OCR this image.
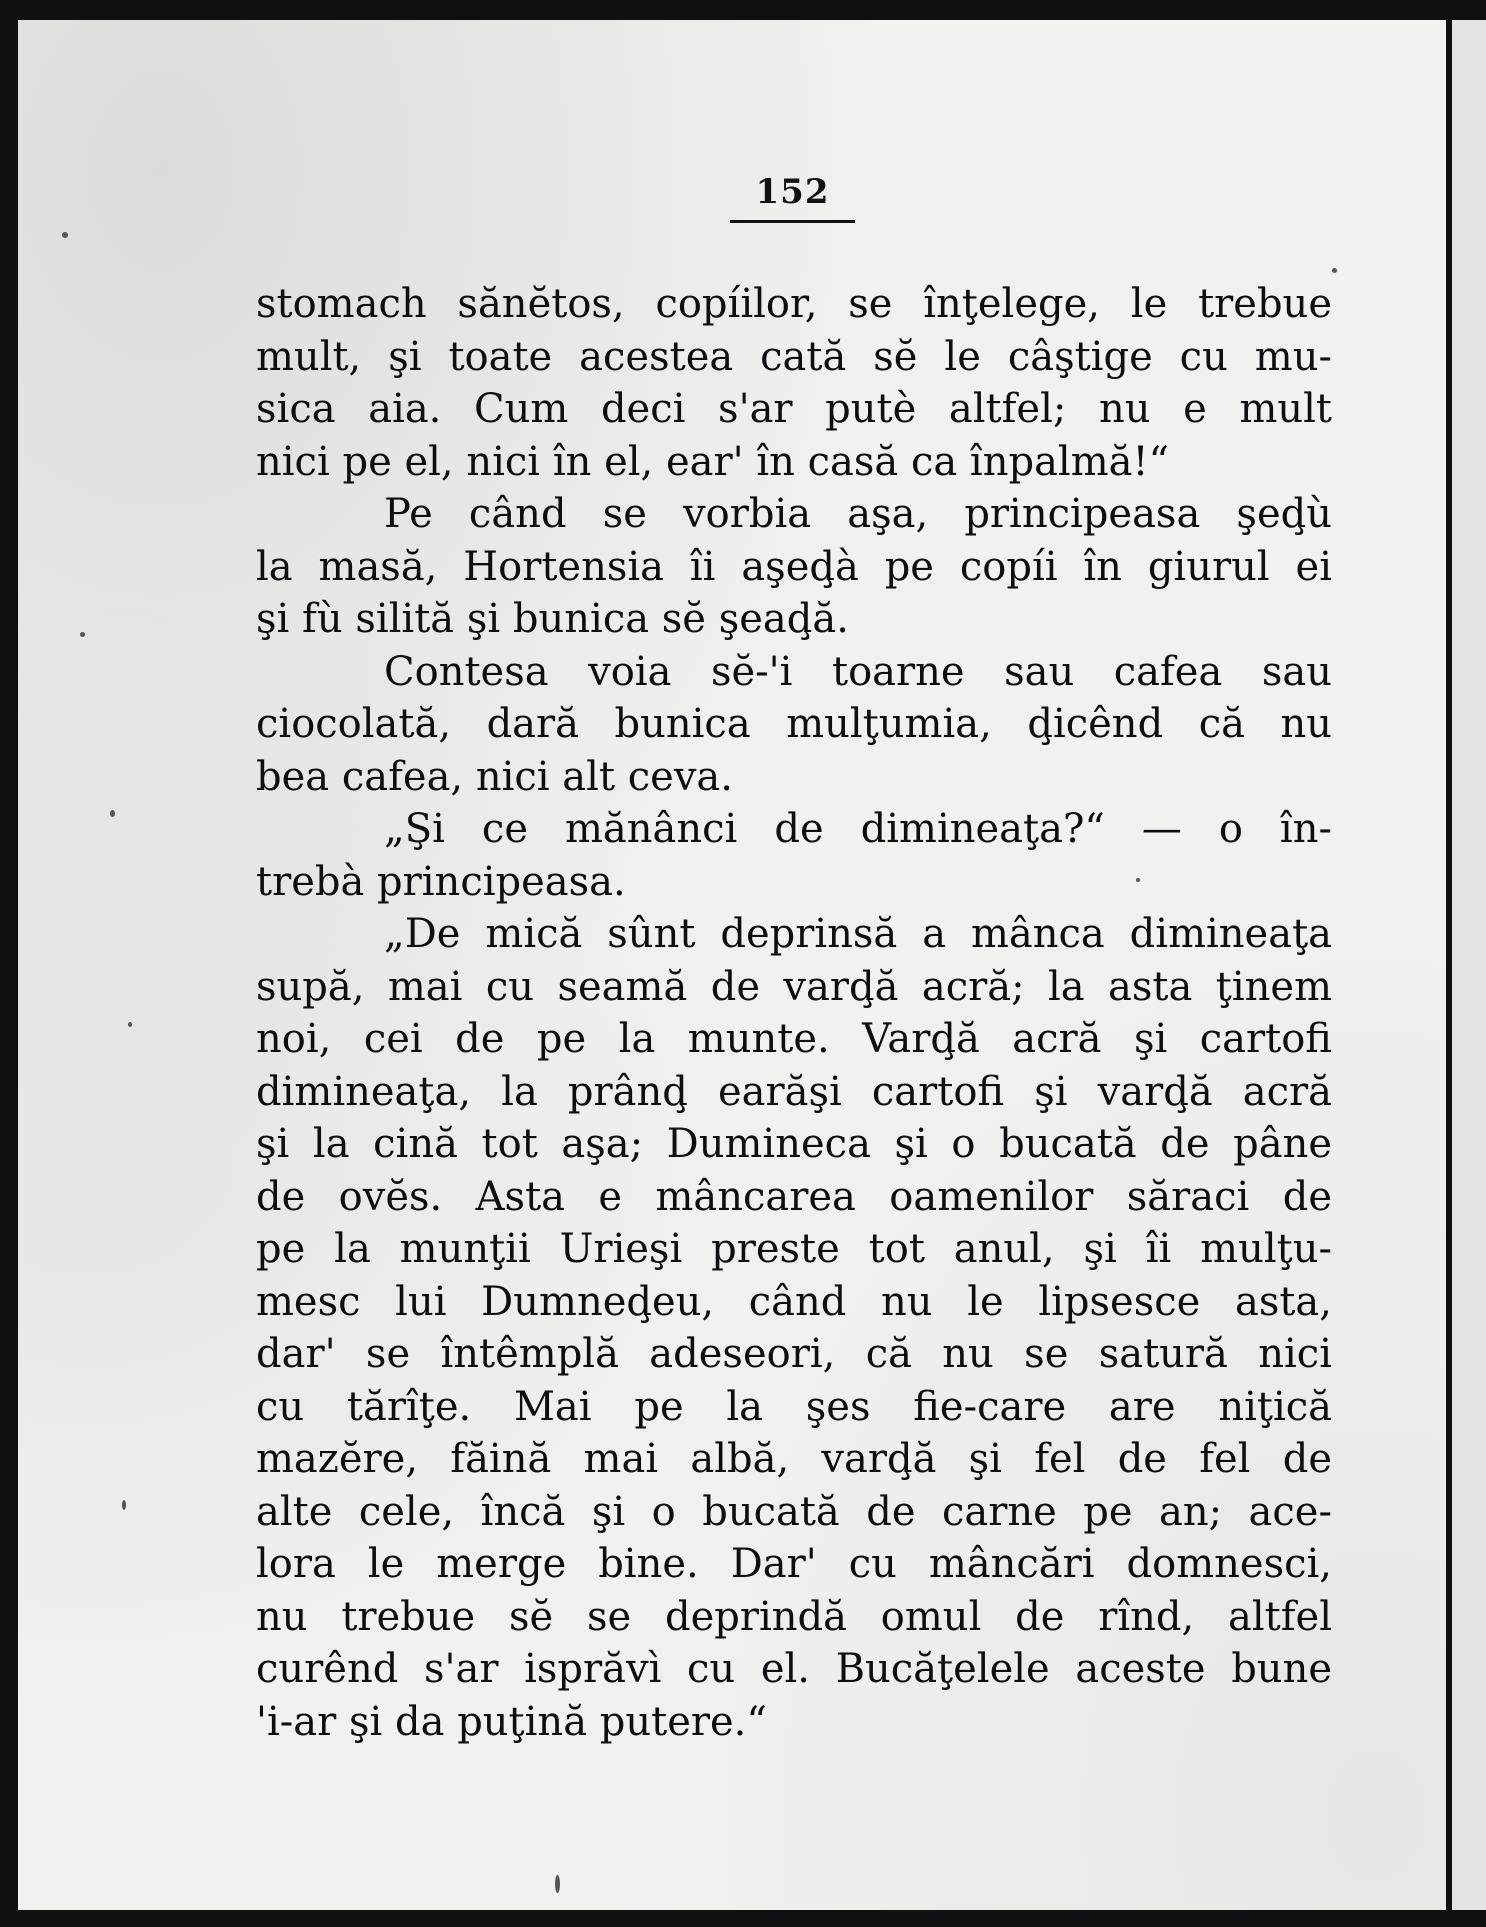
152
stomach sănĕtos, copíilor, se înţelege, le trebue
mult, şi toate acestea cată sĕ le câştige cu mu-
sica aia. Cum deci s'ar putè altfel; nu e mult
nici pe el, nici în el, ear' în casă ca înpalmă!“
Pe când se vorbia aşa, principeasa şeḑù
la masă, Hortensia îi aşeḑà pe copíi în giurul ei
şi fù silită şi bunica sĕ şeaḑă.
Contesa voia sĕ-'i toarne sau cafea sau
ciocolată, dară bunica mulţumia, ḑicênd că nu
bea cafea, nici alt ceva.
„Şi ce mănânci de dimineaţa?“ — o în-
trebà principeasa.
„De mică sûnt deprinsă a mânca dimineaţa
supă, mai cu seamă de varḑă acră; la asta ţinem
noi, cei de pe la munte. Varḑă acră şi cartofi
dimineaţa, la prânḑ earăşi cartofi şi varḑă acră
şi la cină tot aşa; Dumineca şi o bucată de pâne
de ovĕs. Asta e mâncarea oamenilor săraci de
pe la munţii Urieşi preste tot anul, şi îi mulţu-
mesc lui Dumneḑeu, când nu le lipsesce asta,
dar' se întêmplă adeseori, că nu se satură nici
cu tărîţe. Mai pe la şes fie-care are niţică
mazĕre, făină mai albă, varḑă şi fel de fel de
alte cele, încă şi o bucată de carne pe an; ace-
lora le merge bine. Dar' cu mâncări domnesci,
nu trebue sĕ se deprindă omul de rînd, altfel
curênd s'ar isprăvì cu el. Bucăţelele aceste bune
'i-ar şi da puţină putere.“
